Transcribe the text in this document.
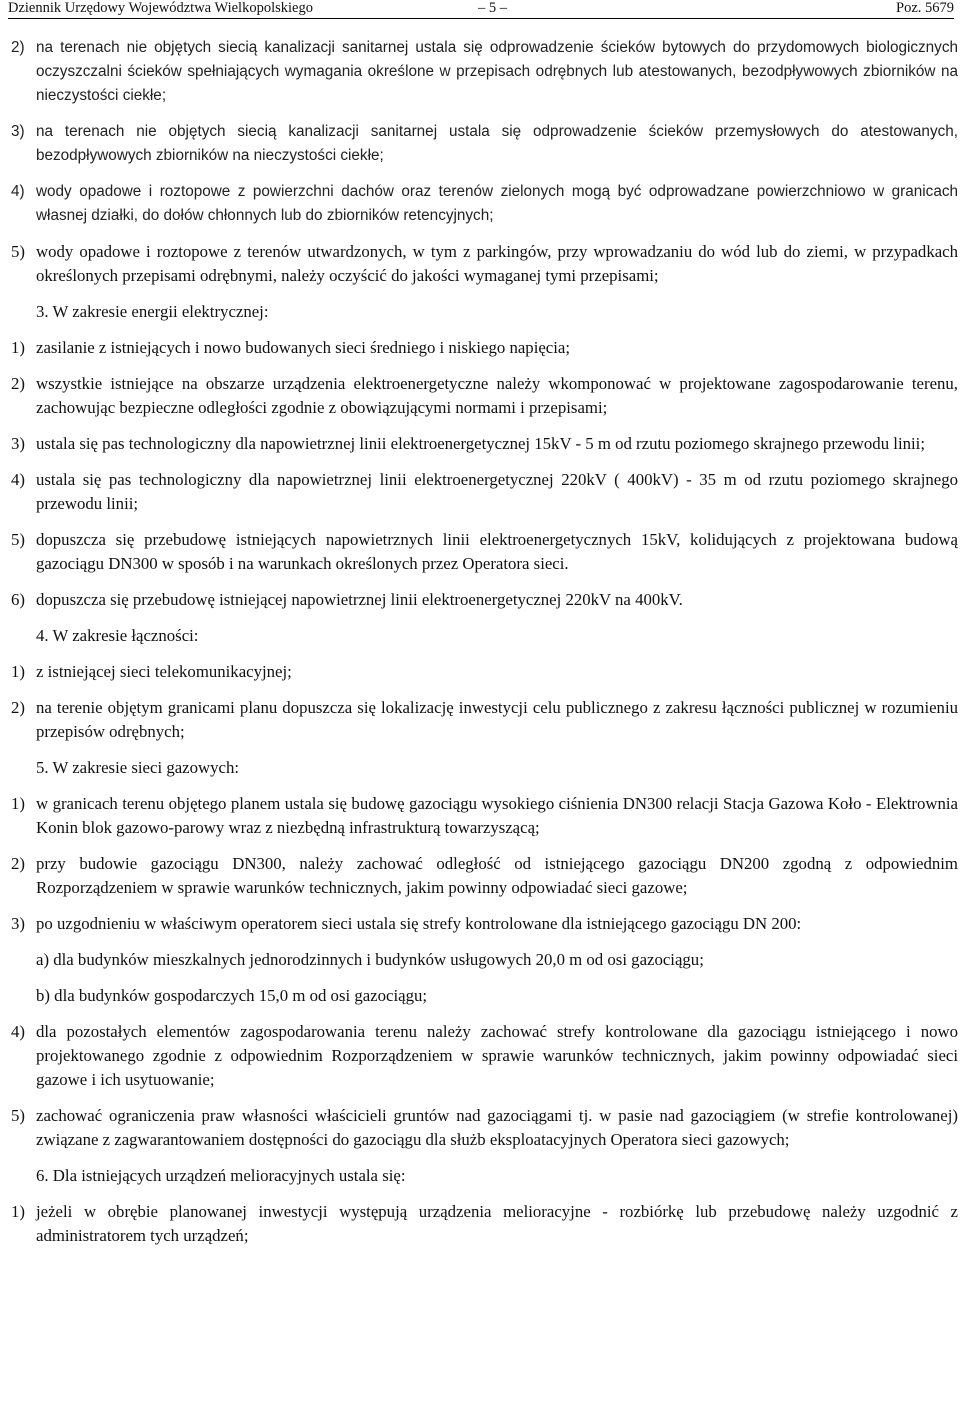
Dziennik Urzędowy Województwa Wielkopolskiego	– 5 –	Poz. 5679

2) na terenach nie objętych siecią kanalizacji sanitarnej ustala się odprowadzenie ścieków bytowych do przydomowych biologicznych oczyszczalni ścieków spełniających wymagania określone w przepisach odrębnych lub atestowanych, bezodpływowych zbiorników na nieczystości ciekłe;

3) na terenach nie objętych siecią kanalizacji sanitarnej ustala się odprowadzenie ścieków przemysłowych do atestowanych, bezodpływowych zbiorników na nieczystości ciekłe;

4) wody opadowe i roztopowe z powierzchni dachów oraz terenów zielonych mogą być odprowadzane powierzchniowo w granicach własnej działki, do dołów chłonnych lub do zbiorników retencyjnych;

5) wody opadowe i roztopowe z terenów utwardzonych, w tym z parkingów, przy wprowadzaniu do wód lub do ziemi, w przypadkach określonych przepisami odrębnymi, należy oczyścić do jakości wymaganej tymi przepisami;

3. W zakresie energii elektrycznej:

1) zasilanie z istniejących i nowo budowanych sieci średniego i niskiego napięcia;

2) wszystkie istniejące na obszarze urządzenia elektroenergetyczne należy wkomponować w projektowane zagospodarowanie terenu, zachowując bezpieczne odległości zgodnie z obowiązującymi normami i przepisami;

3) ustala się pas technologiczny dla napowietrznej linii elektroenergetycznej 15kV - 5 m od rzutu poziomego skrajnego przewodu linii;

4) ustala się pas technologiczny dla napowietrznej linii elektroenergetycznej 220kV ( 400kV) - 35 m od rzutu poziomego skrajnego przewodu linii;

5) dopuszcza się przebudowę istniejących napowietrznych linii elektroenergetycznych 15kV, kolidujących z projektowana budową gazociągu DN300 w sposób i na warunkach określonych przez Operatora sieci.

6) dopuszcza się przebudowę istniejącej napowietrznej linii elektroenergetycznej 220kV na 400kV.

4. W zakresie łączności:

1) z istniejącej sieci telekomunikacyjnej;

2) na terenie objętym granicami planu dopuszcza się lokalizację inwestycji celu publicznego z zakresu łączności publicznej w rozumieniu przepisów odrębnych;

5. W zakresie sieci gazowych:

1) w granicach terenu objętego planem ustala się budowę gazociągu wysokiego ciśnienia DN300 relacji Stacja Gazowa Koło - Elektrownia Konin blok gazowo-parowy wraz z niezbędną infrastrukturą towarzyszącą;

2) przy budowie gazociągu DN300, należy zachować odległość od istniejącego gazociągu DN200 zgodną z odpowiednim Rozporządzeniem w sprawie warunków technicznych, jakim powinny odpowiadać sieci gazowe;

3) po uzgodnieniu w właściwym operatorem sieci ustala się strefy kontrolowane dla istniejącego gazociągu DN 200:

a) dla budynków mieszkalnych jednorodzinnych i budynków usługowych 20,0 m od osi gazociągu;

b) dla budynków gospodarczych 15,0 m od osi gazociągu;

4) dla pozostałych elementów zagospodarowania terenu należy zachować strefy kontrolowane dla gazociągu istniejącego i nowo projektowanego zgodnie z odpowiednim Rozporządzeniem w sprawie warunków technicznych, jakim powinny odpowiadać sieci gazowe i ich usytuowanie;

5) zachować ograniczenia praw własności właścicieli gruntów nad gazociągami tj. w pasie nad gazociągiem (w strefie kontrolowanej) związane z zagwarantowaniem dostępności do gazociągu dla służb eksploatacyjnych Operatora sieci gazowych;

6. Dla istniejących urządzeń melioracyjnych ustala się:

1) jeżeli w obrębie planowanej inwestycji występują urządzenia melioracyjne - rozbiórkę lub przebudowę należy uzgodnić z administratorem tych urządzeń;
